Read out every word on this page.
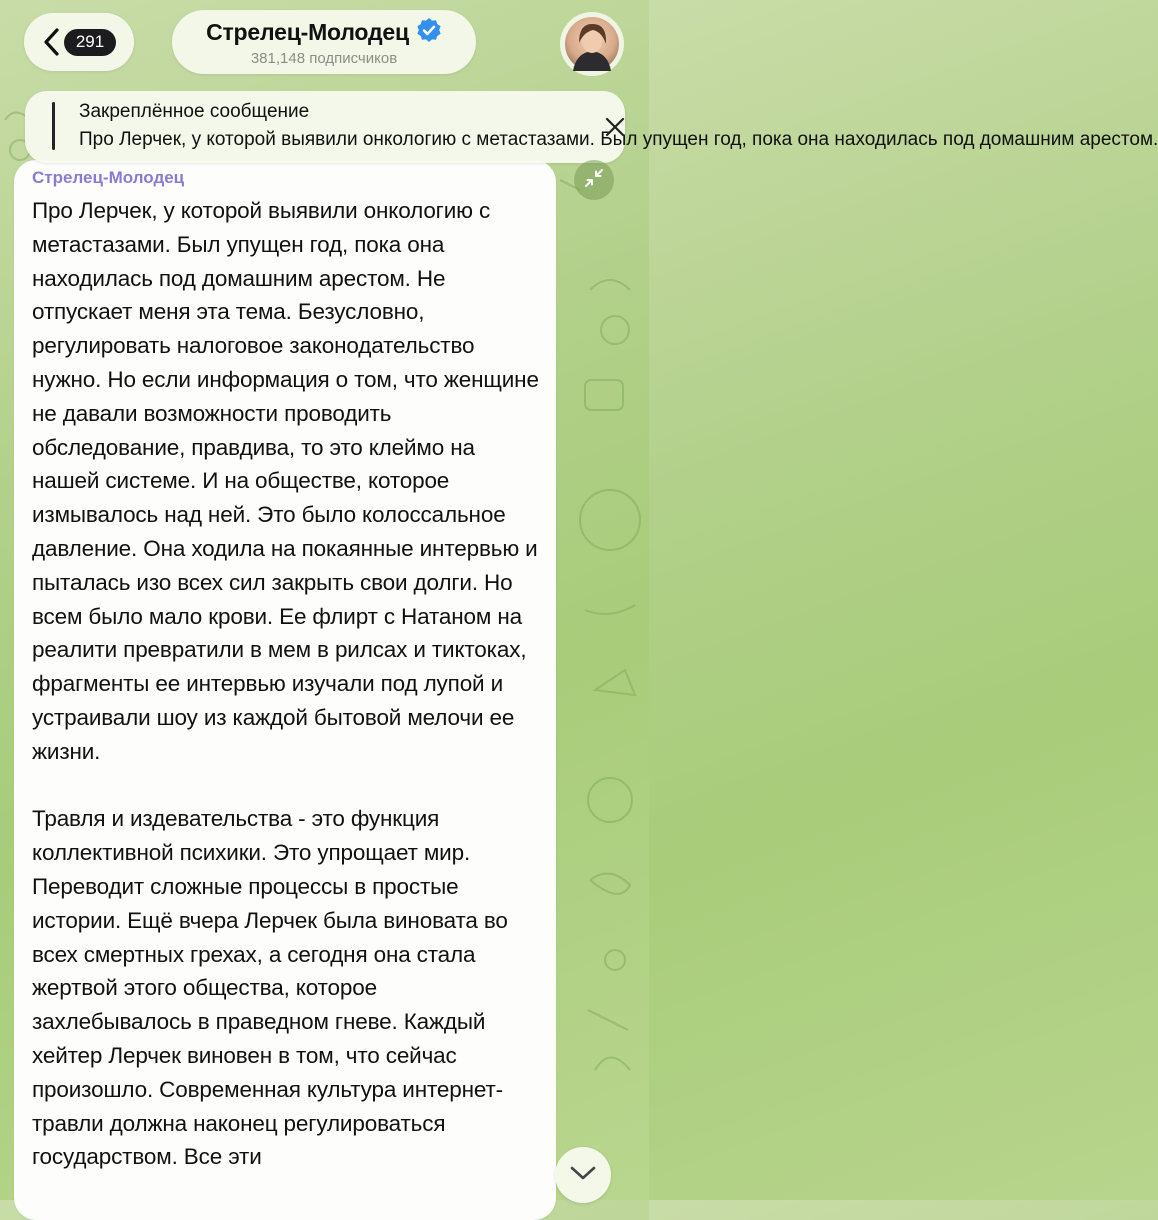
291	Стрелец-Молодец
381,148 подписчиков
Закреплённое сообщение
Про Лерчек, у которой выявили онкологию с метастазами. Был упущен год, пока она находилась под домашним арестом.
Стрелец-Молодец

Про Лерчек, у которой выявили онкологию с метастазами. Был упущен год, пока она находилась под домашним арестом. Не отпускает меня эта тема. Безусловно, регулировать налоговое законодательство нужно. Но если информация о том, что женщине не давали возможности проводить обследование, правдива, то это клеймо на нашей системе. И на обществе, которое измывалось над ней. Это было колоссальное давление. Она ходила на покаянные интервью и пыталась изо всех сил закрыть свои долги. Но всем было мало крови. Ее флирт с Натаном на реалити превратили в мем в рилсах и тиктоках, фрагменты ее интервью изучали под лупой и устраивали шоу из каждой бытовой мелочи ее жизни.

Травля и издевательства - это функция коллективной психики. Это упрощает мир. Переводит сложные процессы в простые истории. Ещё вчера Лерчек была виновата во всех смертных грехах, а сегодня она стала жертвой этого общества, которое захлебывалось в праведном гневе. Каждый хейтер Лерчек виновен в том, что сейчас произошло. Современная культура интернет-травли должна наконец регулироваться государством. Все эти
